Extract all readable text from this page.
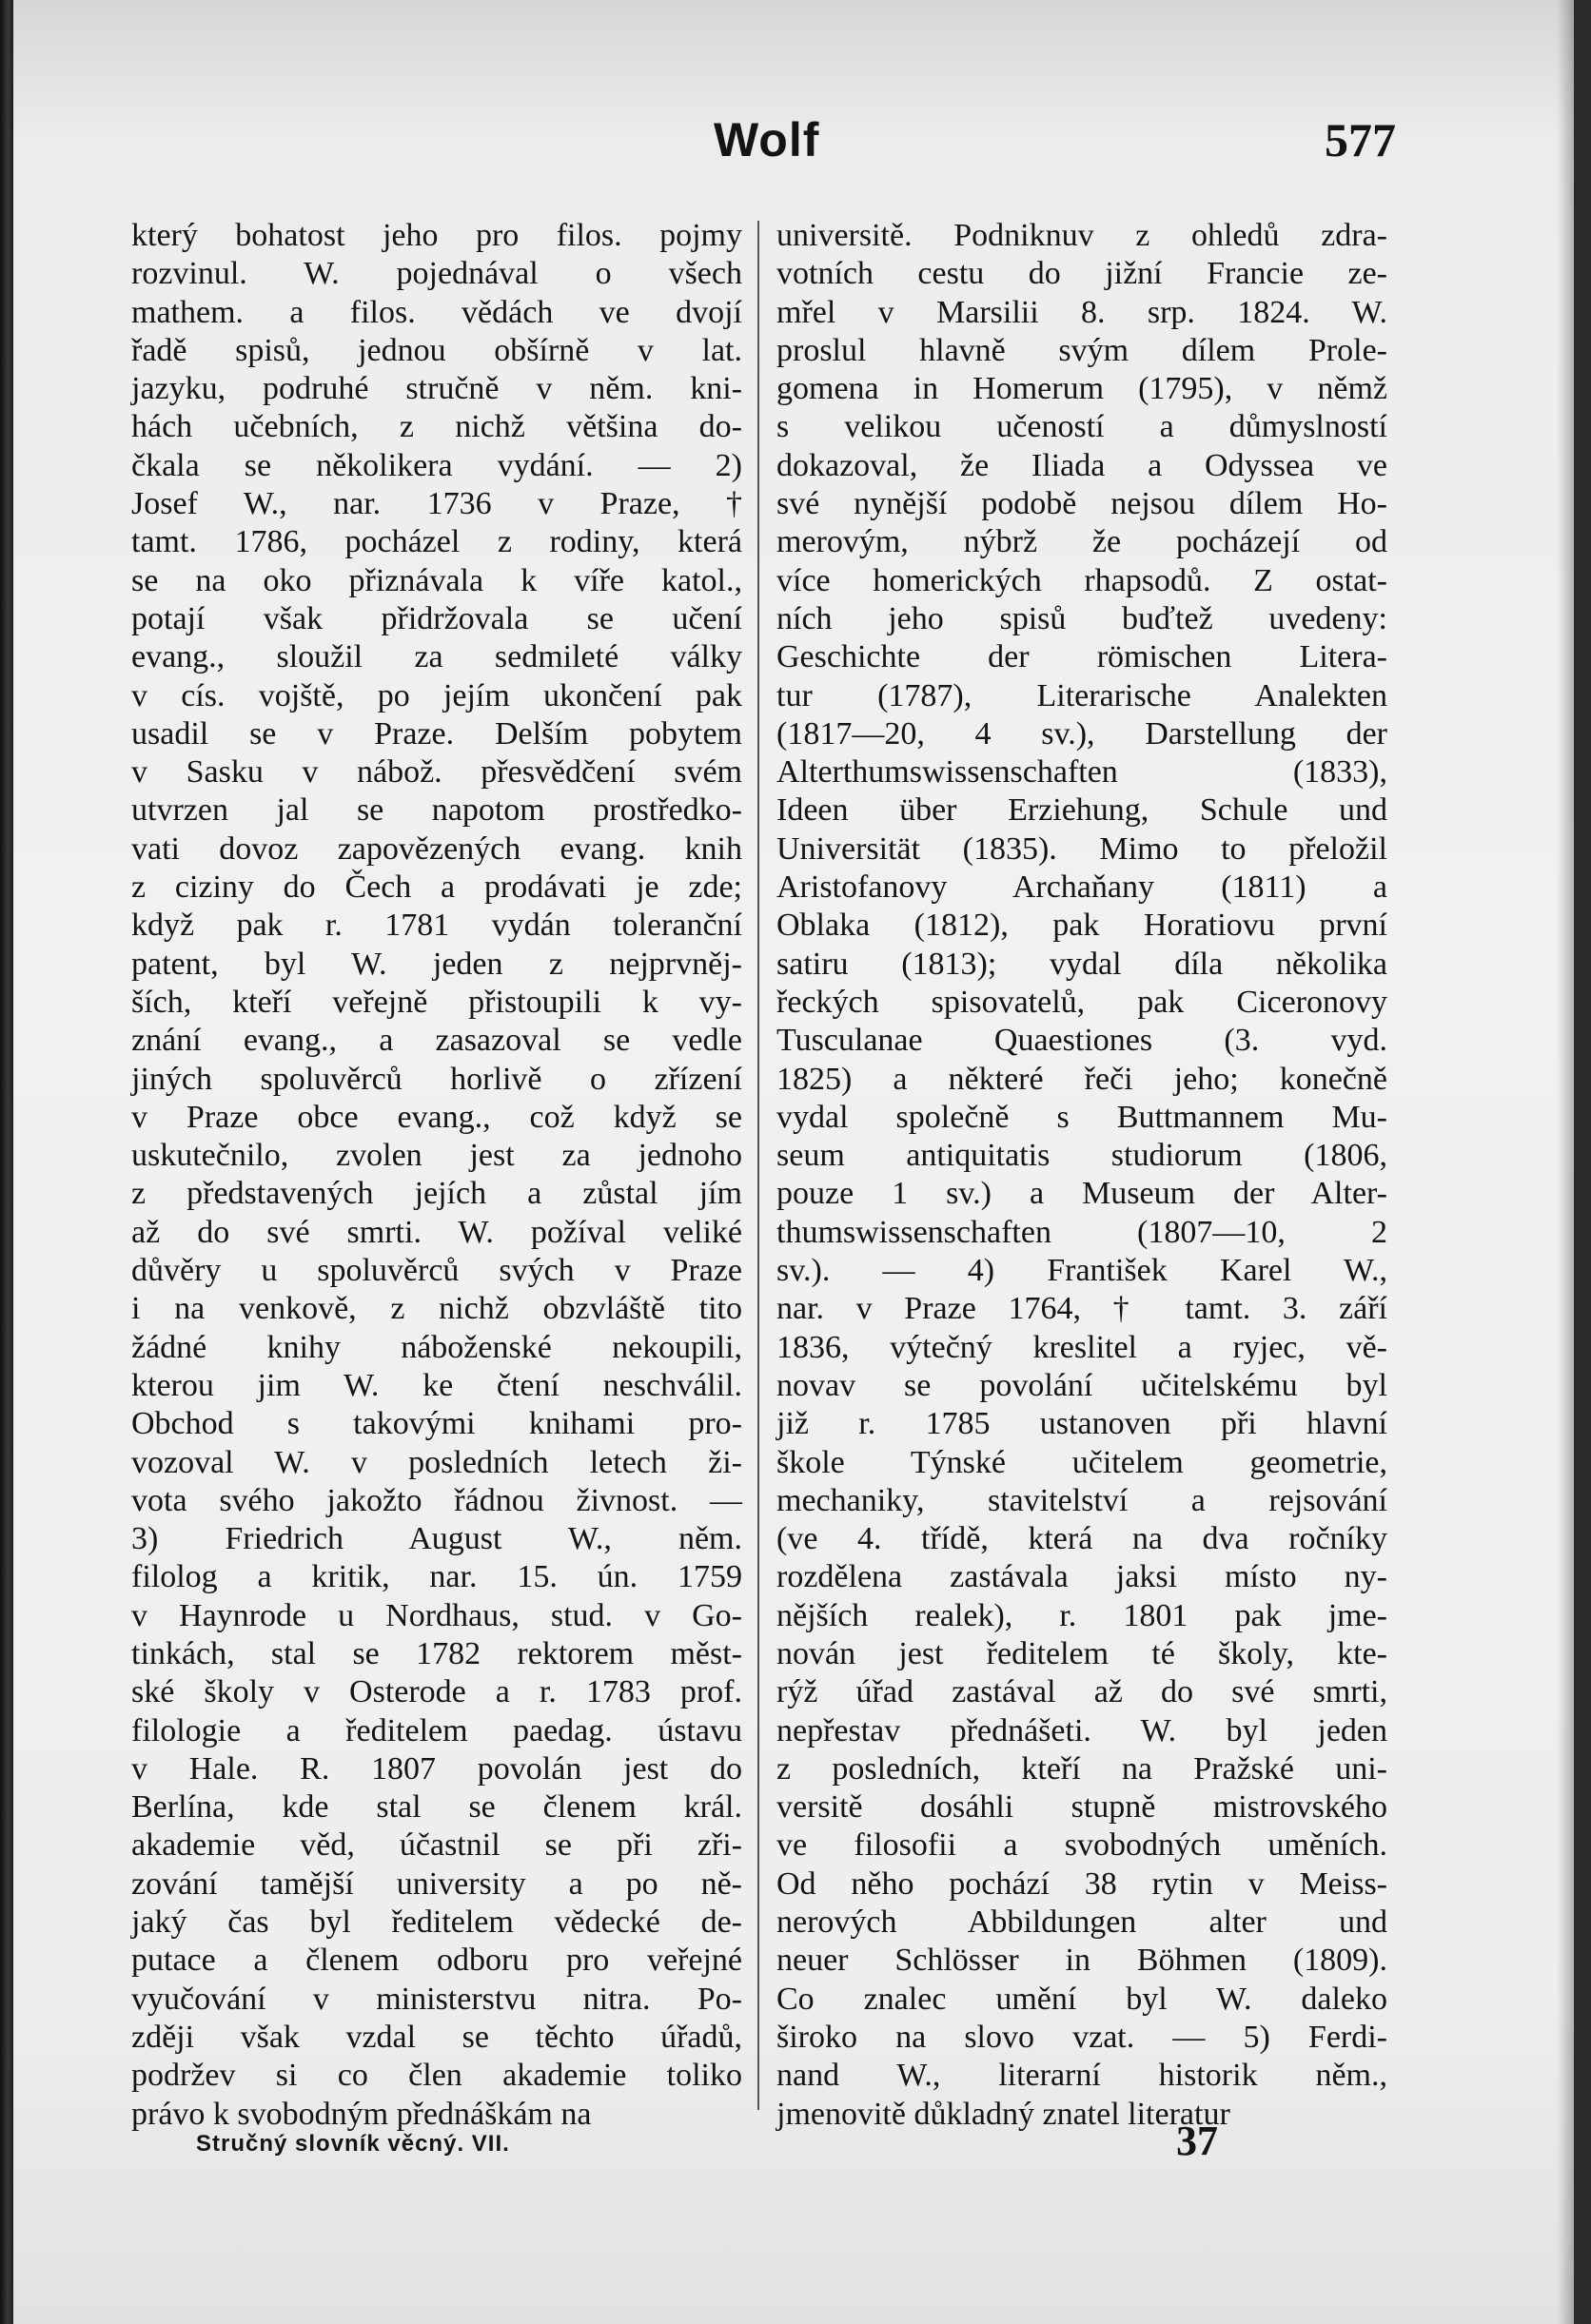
Wolf	577
který bohatost jeho pro filos. pojmy
rozvinul. W. pojednával o všech
mathem. a filos. vědách ve dvojí
řadě spisů, jednou obšírně v lat.
jazyku, podruhé stručně v něm. kni-
hách učebních, z nichž většina do-
čkala se několikera vydání. — 2)
Josef W., nar. 1736 v Praze, †
tamt. 1786, pocházel z rodiny, která
se na oko přiznávala k víře katol.,
potají však přidržovala se učení
evang., sloužil za sedmileté války
v cís. vojště, po jejím ukončení pak
usadil se v Praze. Delším pobytem
v Sasku v nábož. přesvědčení svém
utvrzen jal se napotom prostředko-
vati dovoz zapovězených evang. knih
z ciziny do Čech a prodávati je zde;
když pak r. 1781 vydán toleranční
patent, byl W. jeden z nejprvněj-
ších, kteří veřejně přistoupili k vy-
znání evang., a zasazoval se vedle
jiných spoluvěrců horlivě o zřízení
v Praze obce evang., což když se
uskutečnilo, zvolen jest za jednoho
z představených jejích a zůstal jím
až do své smrti. W. požíval veliké
důvěry u spoluvěrců svých v Praze
i na venkově, z nichž obzvláště tito
žádné knihy náboženské nekoupili,
kterou jim W. ke čtení neschválil.
Obchod s takovými knihami pro-
vozoval W. v posledních letech ži-
vota svého jakožto řádnou živnost. —
3) Friedrich August W., něm.
filolog a kritik, nar. 15. ún. 1759
v Haynrode u Nordhaus, stud. v Go-
tinkách, stal se 1782 rektorem měst-
ské školy v Osterode a r. 1783 prof.
filologie a ředitelem paedag. ústavu
v Hale. R. 1807 povolán jest do
Berlína, kde stal se členem král.
akademie věd, účastnil se při zři-
zování tamější university a po ně-
jaký čas byl ředitelem vědecké de-
putace a členem odboru pro veřejné
vyučování v ministerstvu nitra. Po-
zději však vzdal se těchto úřadů,
podržev si co člen akademie toliko
právo k svobodným přednáškám na
universitě. Podniknuv z ohledů zdra-
votních cestu do jižní Francie ze-
mřel v Marsilii 8. srp. 1824. W.
proslul hlavně svým dílem Prole-
gomena in Homerum (1795), v němž
s velikou učeností a důmyslností
dokazoval, že Iliada a Odyssea ve
své nynější podobě nejsou dílem Ho-
merovým, nýbrž že pocházejí od
více homerických rhapsodů. Z ostat-
ních jeho spisů buďtež uvedeny:
Geschichte der römischen Litera-
tur (1787), Literarische Analekten
(1817—20, 4 sv.), Darstellung der
Alterthumswissenschaften (1833),
Ideen über Erziehung, Schule und
Universität (1835). Mimo to přeložil
Aristofanovy Archaňany (1811) a
Oblaka (1812), pak Horatiovu první
satiru (1813); vydal díla několika
řeckých spisovatelů, pak Ciceronovy
Tusculanae Quaestiones (3. vyd.
1825) a některé řeči jeho; konečně
vydal společně s Buttmannem Mu-
seum antiquitatis studiorum (1806,
pouze 1 sv.) a Museum der Alter-
thumswissenschaften (1807—10, 2
sv.). — 4) František Karel W.,
nar. v Praze 1764, † tamt. 3. září
1836, výtečný kreslitel a ryjec, vě-
novav se povolání učitelskému byl
již r. 1785 ustanoven při hlavní
škole Týnské učitelem geometrie,
mechaniky, stavitelství a rejsování
(ve 4. třídě, která na dva ročníky
rozdělena zastávala jaksi místo ny-
nějších realek), r. 1801 pak jme-
nován jest ředitelem té školy, kte-
rýž úřad zastával až do své smrti,
nepřestav přednášeti. W. byl jeden
z posledních, kteří na Pražské uni-
versitě dosáhli stupně mistrovského
ve filosofii a svobodných uměních.
Od něho pochází 38 rytin v Meiss-
nerových Abbildungen alter und
neuer Schlösser in Böhmen (1809).
Co znalec umění byl W. daleko
široko na slovo vzat. — 5) Ferdi-
nand W., literarní historik něm.,
jmenovitě důkladný znatel literatur
Stručný slovník věcný. VII.	37
